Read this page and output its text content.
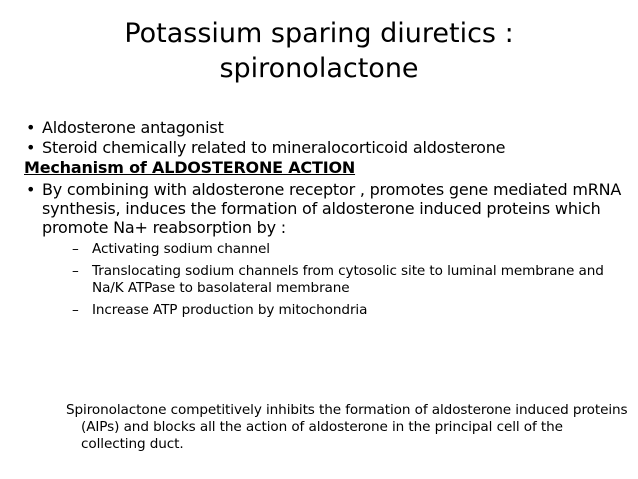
Potassium sparing diuretics :
spironolactone
• Aldosterone antagonist
• Steroid chemically related to mineralocorticoid aldosterone
Mechanism of ALDOSTERONE ACTION
• By combining with aldosterone receptor , promotes gene mediated mRNA synthesis, induces the formation of aldosterone induced proteins which promote Na+ reabsorption by :
– Activating sodium channel
– Translocating sodium channels from cytosolic site to luminal membrane and Na/K ATPase to basolateral membrane
– Increase ATP production by mitochondria

Spironolactone competitively inhibits the formation of aldosterone induced proteins (AIPs) and blocks all the action of aldosterone in the principal cell of the collecting duct.
